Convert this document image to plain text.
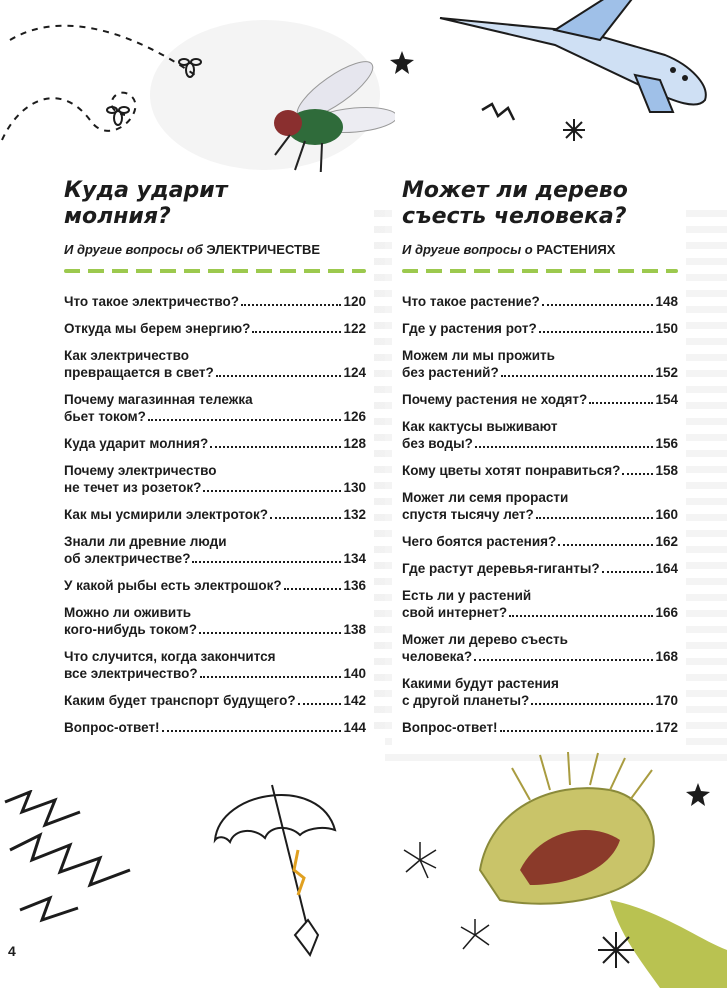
Куда ударит
молния?
И другие вопросы об ЭЛЕКТРИЧЕСТВЕ
Что такое электричество?	120
Откуда мы берем энергию?	122
Как электричество
превращается в свет?	124
Почему магазинная тележка
бьет током?	126
Куда ударит молния?	128
Почему электричество
не течет из розеток?	130
Как мы усмирили электроток?	132
Знали ли древние люди
об электричестве?	134
У какой рыбы есть электрошок?	136
Можно ли оживить
кого-нибудь током?	138
Что случится, когда закончится
все электричество?	140
Каким будет транспорт будущего?	142
Вопрос-ответ!	144
Может ли дерево
съесть человека?
И другие вопросы о РАСТЕНИЯХ
Что такое растение?	148
Где у растения рот?	150
Можем ли мы прожить
без растений?	152
Почему растения не ходят?	154
Как кактусы выживают
без воды?	156
Кому цветы хотят понравиться?	158
Может ли семя прорасти
спустя тысячу лет?	160
Чего боятся растения?	162
Где растут деревья-гиганты?	164
Есть ли у растений
свой интернет?	166
Может ли дерево съесть
человека?	168
Какими будут растения
с другой планеты?	170
Вопрос-ответ!	172
4
